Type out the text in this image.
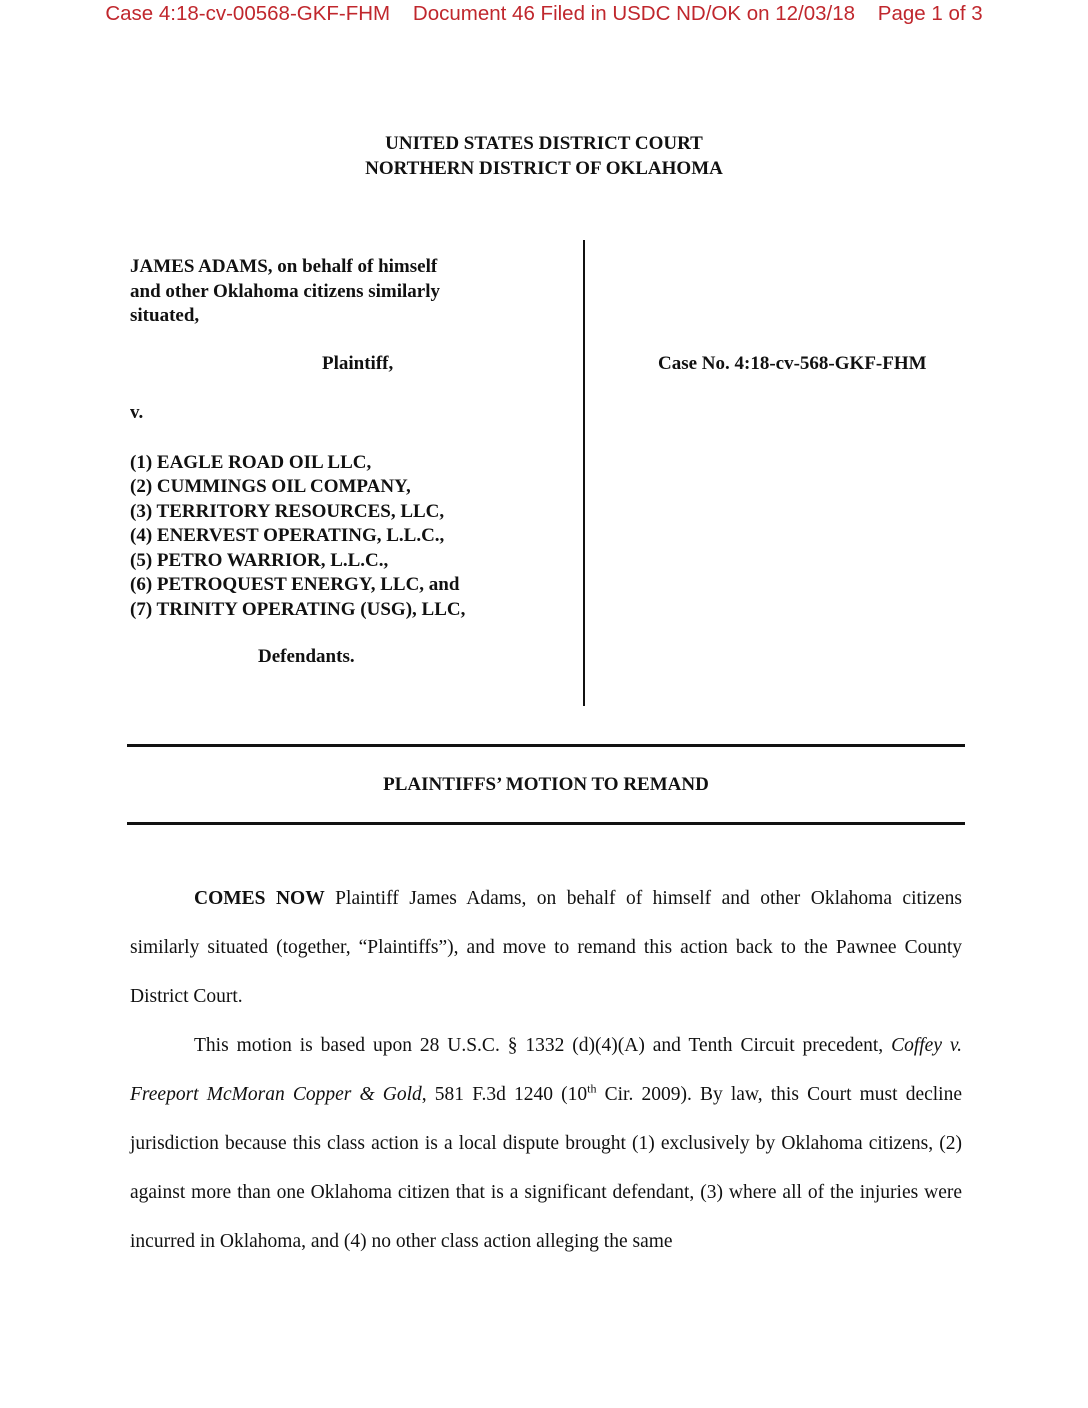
Case 4:18-cv-00568-GKF-FHM    Document 46 Filed in USDC ND/OK on 12/03/18    Page 1 of 3
UNITED STATES DISTRICT COURT
NORTHERN DISTRICT OF OKLAHOMA
JAMES ADAMS, on behalf of himself
and other Oklahoma citizens similarly
situated,
Plaintiff,
v.
(1) EAGLE ROAD OIL LLC,
(2) CUMMINGS OIL COMPANY,
(3) TERRITORY RESOURCES, LLC,
(4) ENERVEST OPERATING, L.L.C.,
(5) PETRO WARRIOR, L.L.C.,
(6) PETROQUEST ENERGY, LLC, and
(7) TRINITY OPERATING (USG), LLC,
Defendants.
Case No. 4:18-cv-568-GKF-FHM
PLAINTIFFS’ MOTION TO REMAND

COMES NOW Plaintiff James Adams, on behalf of himself and other Oklahoma citizens similarly situated (together, “Plaintiffs”), and move to remand this action back to the Pawnee County District Court.

This motion is based upon 28 U.S.C. § 1332 (d)(4)(A) and Tenth Circuit precedent, Coffey v. Freeport McMoran Copper & Gold, 581 F.3d 1240 (10th Cir. 2009). By law, this Court must decline jurisdiction because this class action is a local dispute brought (1) exclusively by Oklahoma citizens, (2) against more than one Oklahoma citizen that is a significant defendant, (3) where all of the injuries were incurred in Oklahoma, and (4) no other class action alleging the same
